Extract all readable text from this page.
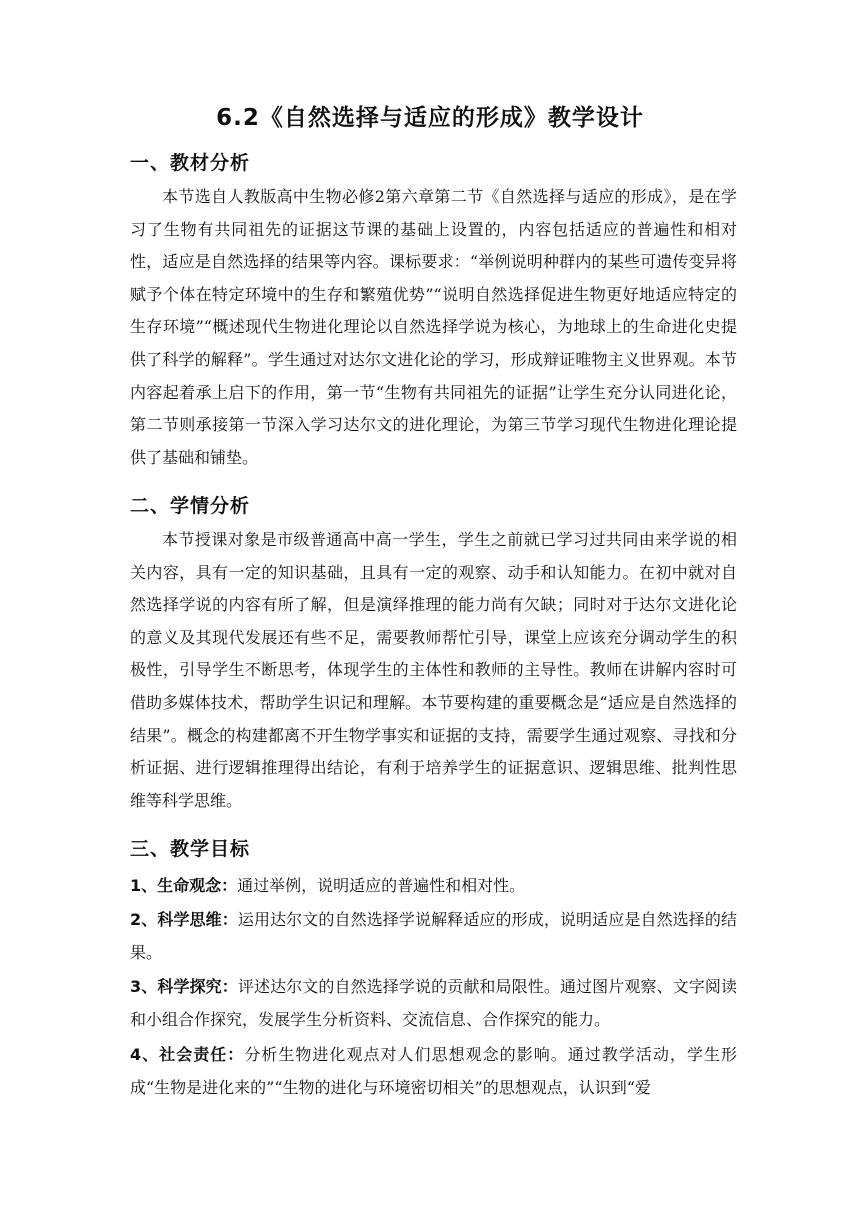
6.2《自然选择与适应的形成》教学设计
一、教材分析

本节选自人教版高中生物必修2第六章第二节《自然选择与适应的形成》，是在学习了生物有共同祖先的证据这节课的基础上设置的，内容包括适应的普遍性和相对性，适应是自然选择的结果等内容。课标要求：“举例说明种群内的某些可遗传变异将赋予个体在特定环境中的生存和繁殖优势”“说明自然选择促进生物更好地适应特定的生存环境”“概述现代生物进化理论以自然选择学说为核心，为地球上的生命进化史提供了科学的解释”。学生通过对达尔文进化论的学习，形成辩证唯物主义世界观。本节内容起着承上启下的作用，第一节“生物有共同祖先的证据”让学生充分认同进化论，第二节则承接第一节深入学习达尔文的进化理论，为第三节学习现代生物进化理论提供了基础和铺垫。

二、学情分析

本节授课对象是市级普通高中高一学生，学生之前就已学习过共同由来学说的相关内容，具有一定的知识基础，且具有一定的观察、动手和认知能力。在初中就对自然选择学说的内容有所了解，但是演绎推理的能力尚有欠缺；同时对于达尔文进化论的意义及其现代发展还有些不足，需要教师帮忙引导，课堂上应该充分调动学生的积极性，引导学生不断思考，体现学生的主体性和教师的主导性。教师在讲解内容时可借助多媒体技术，帮助学生识记和理解。本节要构建的重要概念是“适应是自然选择的结果”。概念的构建都离不开生物学事实和证据的支持，需要学生通过观察、寻找和分析证据、进行逻辑推理得出结论，有利于培养学生的证据意识、逻辑思维、批判性思维等科学思维。

三、教学目标

1、生命观念：通过举例，说明适应的普遍性和相对性。

2、科学思维：运用达尔文的自然选择学说解释适应的形成，说明适应是自然选择的结果。

3、科学探究：评述达尔文的自然选择学说的贡献和局限性。通过图片观察、文字阅读和小组合作探究，发展学生分析资料、交流信息、合作探究的能力。

4、社会责任：分析生物进化观点对人们思想观念的影响。通过教学活动，学生形成“生物是进化来的”“生物的进化与环境密切相关”的思想观点，认识到“爱
